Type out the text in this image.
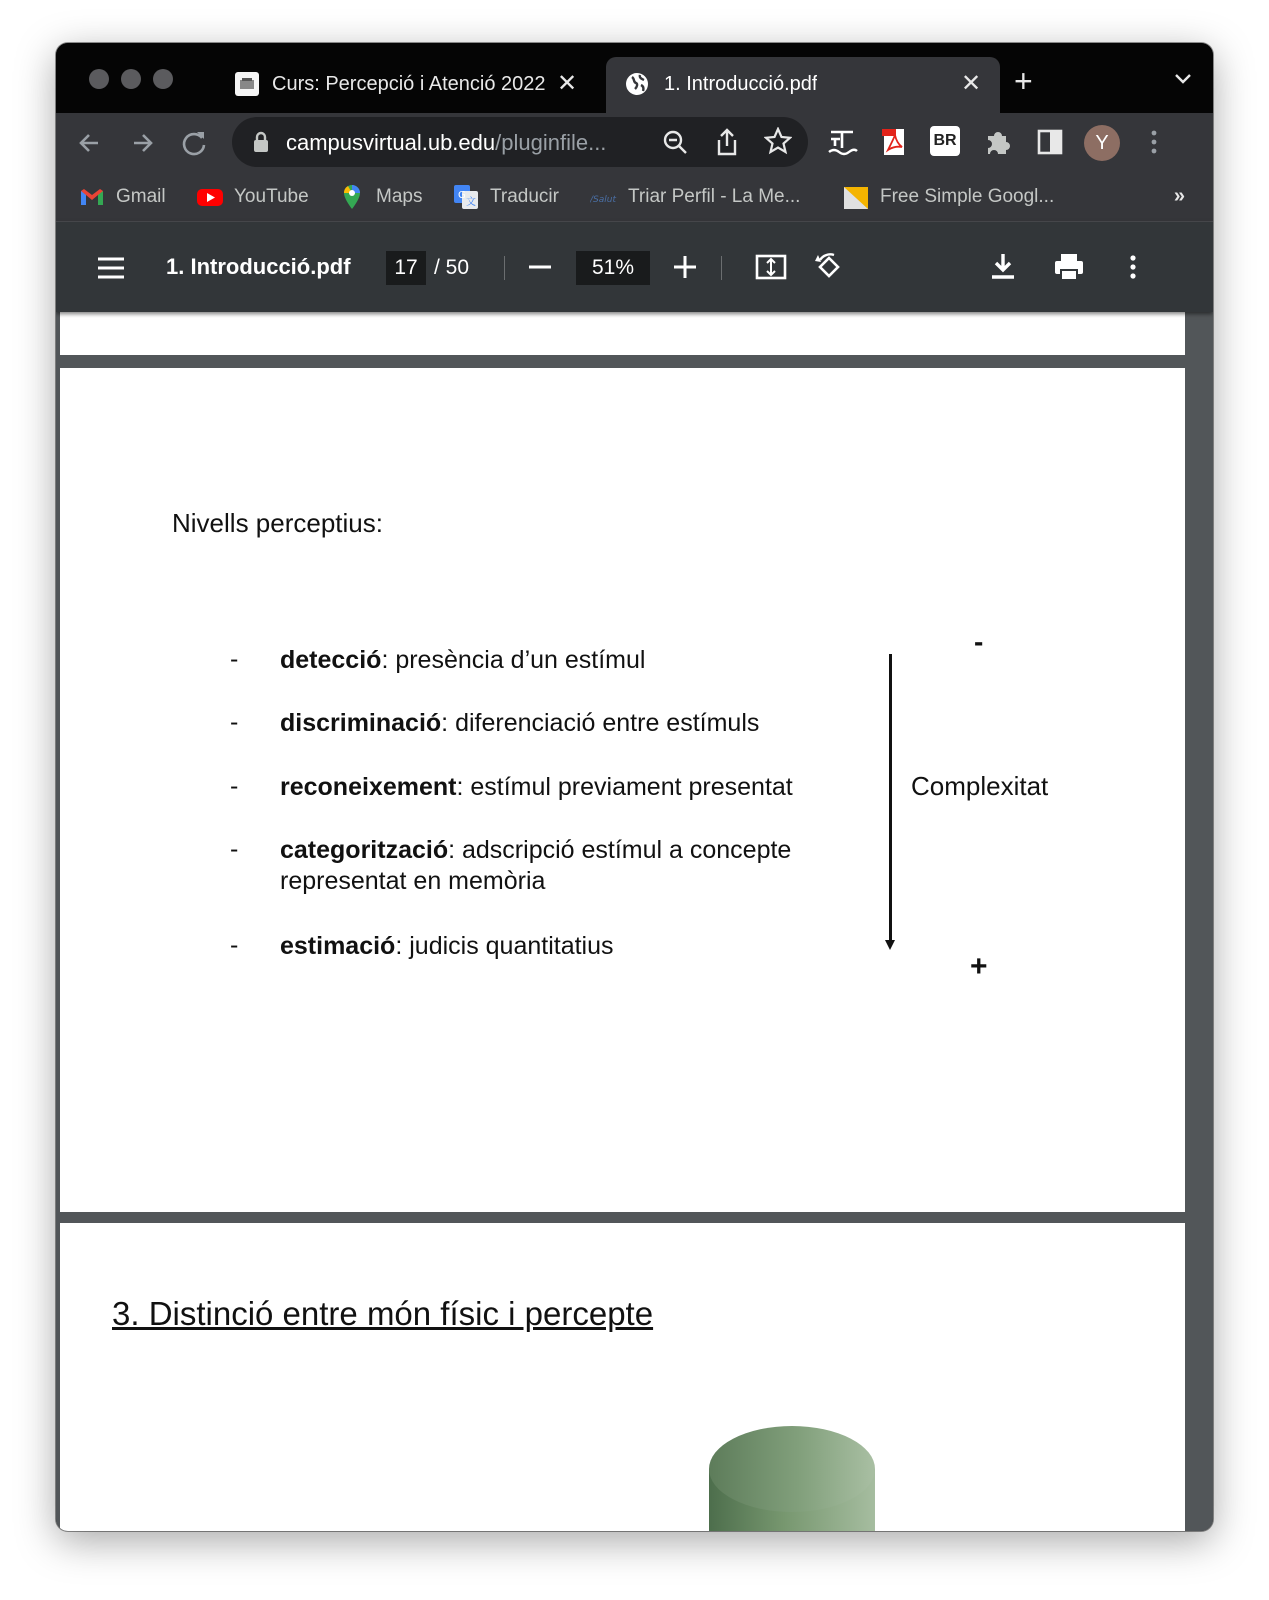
Curs: Percepció i Atenció 2022 ✕	1. Introducció.pdf	✕ +
campusvirtual.ub.edu/pluginfile...	BR	Y
Gmail	YouTube	Maps	G
文 Traducir	/Salut Triar Perfil - La Me...	Free Simple Googl...	»
1. Introducció.pdf	17 / 50	51%
Nivells perceptius:
- detecció: presència d’un estímul
- discriminació: diferenciació entre estímuls
- reconeixement: estímul previament presentat
- categorització: adscripció estímul a concepte representat en memòria
- estimació: judicis quantitatius
-
Complexitat
+
3. Distinció entre món físic i percepte
